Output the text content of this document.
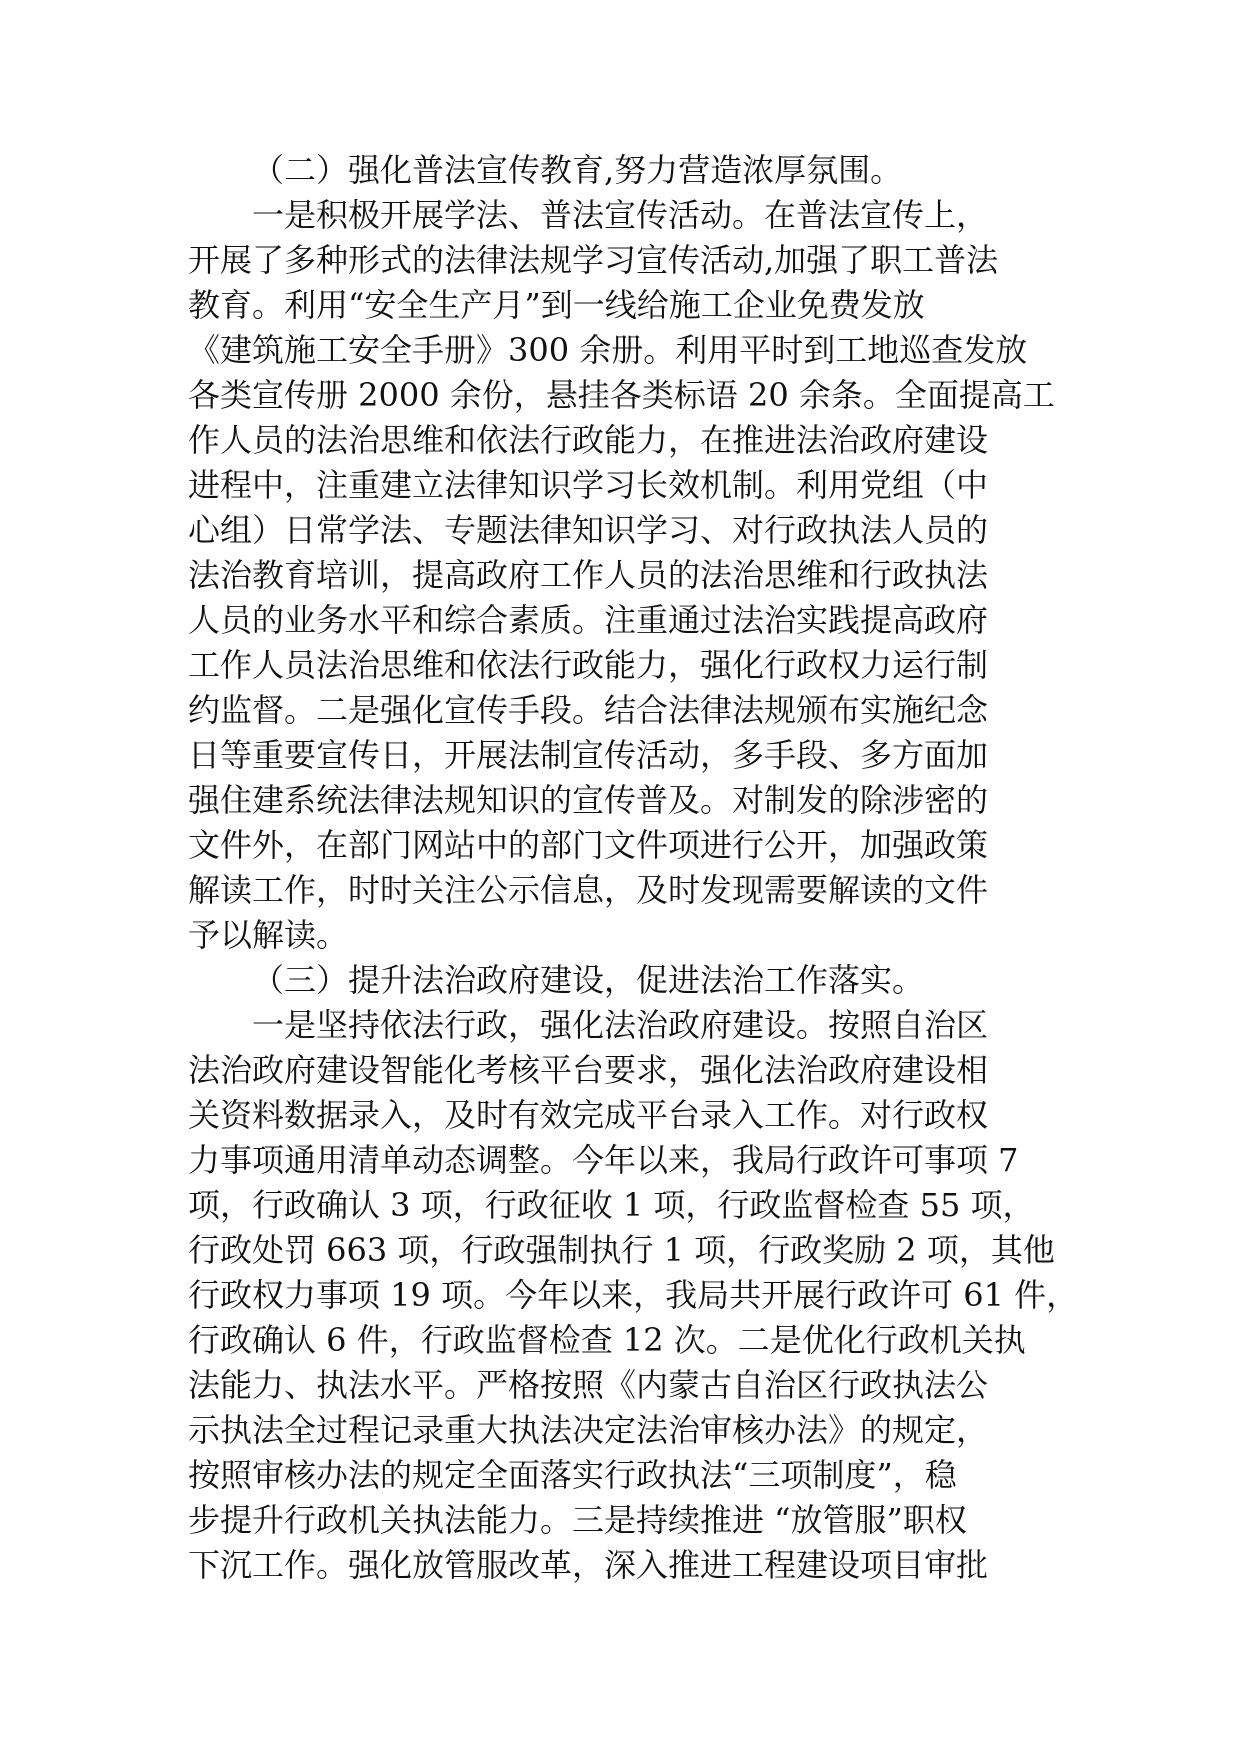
（二）强化普法宣传教育,努力营造浓厚氛围。
一是积极开展学法、普法宣传活动。在普法宣传上，
开展了多种形式的法律法规学习宣传活动,加强了职工普法
教育。利用“安全生产月”到一线给施工企业免费发放
《建筑施工安全手册》300 余册。利用平时到工地巡查发放
各类宣传册 2000 余份，悬挂各类标语 20 余条。全面提高工
作人员的法治思维和依法行政能力，在推进法治政府建设
进程中，注重建立法律知识学习长效机制。利用党组（中
心组）日常学法、专题法律知识学习、对行政执法人员的
法治教育培训，提高政府工作人员的法治思维和行政执法
人员的业务水平和综合素质。注重通过法治实践提高政府
工作人员法治思维和依法行政能力，强化行政权力运行制
约监督。二是强化宣传手段。结合法律法规颁布实施纪念
日等重要宣传日，开展法制宣传活动，多手段、多方面加
强住建系统法律法规知识的宣传普及。对制发的除涉密的
文件外，在部门网站中的部门文件项进行公开，加强政策
解读工作，时时关注公示信息，及时发现需要解读的文件
予以解读。
（三）提升法治政府建设，促进法治工作落实。
一是坚持依法行政，强化法治政府建设。按照自治区
法治政府建设智能化考核平台要求，强化法治政府建设相
关资料数据录入，及时有效完成平台录入工作。对行政权
力事项通用清单动态调整。今年以来，我局行政许可事项 7
项，行政确认 3 项，行政征收 1 项，行政监督检查 55 项，
行政处罚 663 项，行政强制执行 1 项，行政奖励 2 项，其他
行政权力事项 19 项。今年以来，我局共开展行政许可 61 件，
行政确认 6 件，行政监督检查 12 次。二是优化行政机关执
法能力、执法水平。严格按照《内蒙古自治区行政执法公
示执法全过程记录重大执法决定法治审核办法》的规定，
按照审核办法的规定全面落实行政执法“三项制度”，稳
步提升行政机关执法能力。三是持续推进 “放管服”职权
下沉工作。强化放管服改革，深入推进工程建设项目审批
